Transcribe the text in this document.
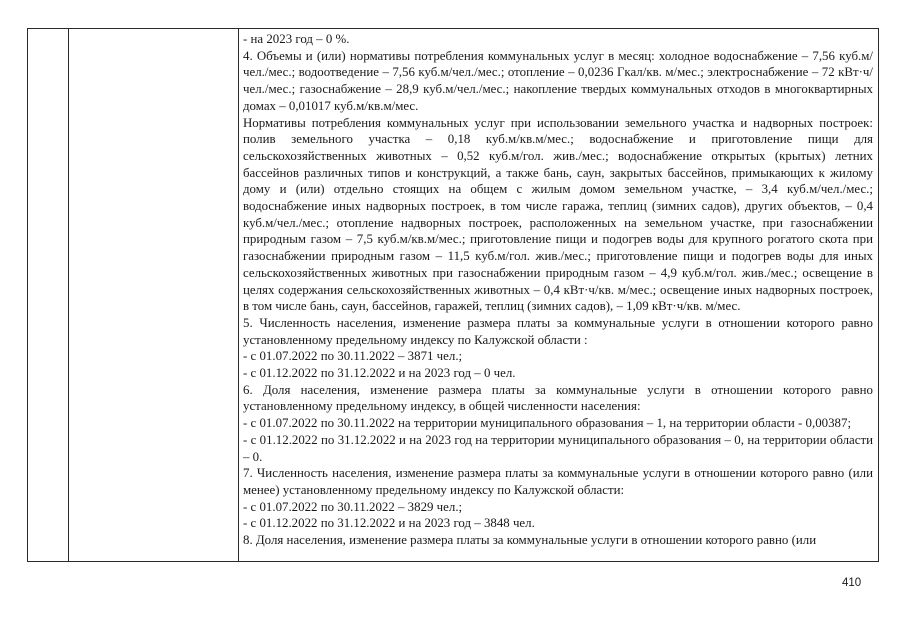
- на 2023 год – 0 %.

4. Объемы и (или) нормативы потребления коммунальных услуг в месяц: холодное водоснабжение – 7,56 куб.м/чел./мес.; водоотведение – 7,56 куб.м/чел./мес.; отопление – 0,0236 Гкал/кв. м/мес.; электроснабжение – 72 кВт·ч/чел./мес.; газоснабжение – 28,9 куб.м/чел./мес.; накопление твердых коммунальных отходов в многоквартирных домах – 0,01017 куб.м/кв.м/мес.

Нормативы потребления коммунальных услуг при использовании земельного участка и надворных построек: полив земельного участка – 0,18 куб.м/кв.м/мес.; водоснабжение и приготовление пищи для сельскохозяйственных животных – 0,52 куб.м/гол. жив./мес.; водоснабжение открытых (крытых) летних бассейнов различных типов и конструкций, а также бань, саун, закрытых бассейнов, примыкающих к жилому дому и (или) отдельно стоящих на общем с жилым домом земельном участке, – 3,4 куб.м/чел./мес.; водоснабжение иных надворных построек, в том числе гаража, теплиц (зимних садов), других объектов, – 0,4 куб.м/чел./мес.; отопление надворных построек, расположенных на земельном участке, при газоснабжении природным газом – 7,5 куб.м/кв.м/мес.; приготовление пищи и подогрев воды для крупного рогатого скота при газоснабжении природным газом – 11,5 куб.м/гол. жив./мес.; приготовление пищи и подогрев воды для иных сельскохозяйственных животных при газоснабжении природным газом – 4,9 куб.м/гол. жив./мес.; освещение в целях содержания сельскохозяйственных животных – 0,4 кВт·ч/кв. м/мес.; освещение иных надворных построек, в том числе бань, саун, бассейнов, гаражей, теплиц (зимних садов), – 1,09 кВт·ч/кв. м/мес.

5. Численность населения, изменение размера платы за коммунальные услуги в отношении которого равно установленному предельному индексу по Калужской области :

- с 01.07.2022 по 30.11.2022 – 3871 чел.;

- с 01.12.2022 по 31.12.2022 и на 2023 год – 0 чел.

6. Доля населения, изменение размера платы за коммунальные услуги в отношении которого равно установленному предельному индексу, в общей численности населения:

- с 01.07.2022 по 30.11.2022 на территории муниципального образования – 1, на территории области - 0,00387;

- с 01.12.2022 по 31.12.2022 и на 2023 год на территории муниципального образования – 0, на территории области – 0.

7. Численность населения, изменение размера платы за коммунальные услуги в отношении которого равно (или менее) установленному предельному индексу по Калужской области:

- с 01.07.2022 по 30.11.2022 – 3829 чел.;

- с 01.12.2022 по 31.12.2022 и на 2023 год – 3848 чел.

8. Доля населения, изменение размера платы за коммунальные услуги в отношении которого равно (или

410
